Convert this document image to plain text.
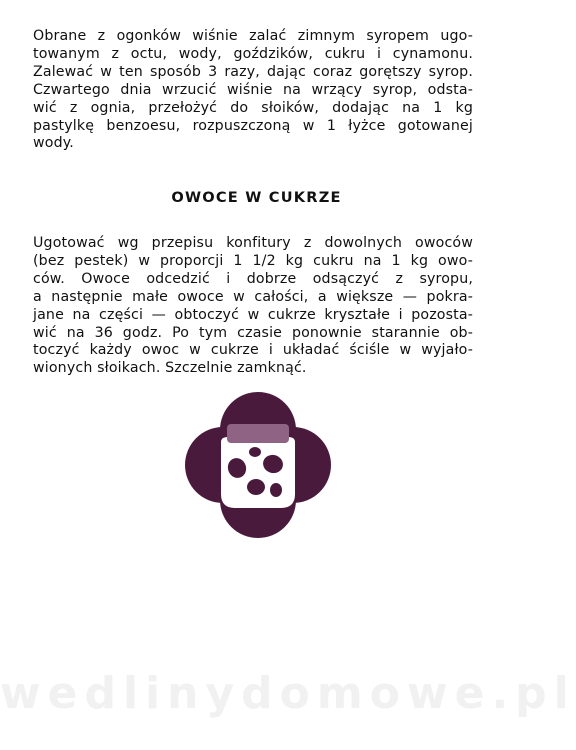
Obrane z ogonków wiśnie zalać zimnym syropem ugo-
towanym z octu, wody, goździków, cukru i cynamonu.
Zalewać w ten sposób 3 razy, dając coraz gorętszy syrop.
Czwartego dnia wrzucić wiśnie na wrzący syrop, odsta-
wić z ognia, przełożyć do słoików, dodając na 1 kg
pastylkę benzoesu, rozpuszczoną w 1 łyżce gotowanej
wody.

OWOCE W CUKRZE

Ugotować wg przepisu konfitury z dowolnych owoców
(bez pestek) w proporcji 1 1/2 kg cukru na 1 kg owo-
ców. Owoce odcedzić i dobrze odsączyć z syropu,
a następnie małe owoce w całości, a większe — pokra-
jane na części — obtoczyć w cukrze kryształe i pozosta-
wić na 36 godz. Po tym czasie ponownie starannie ob-
toczyć każdy owoc w cukrze i układać ściśle w wyjało-
wionych słoikach. Szczelnie zamknąć.

wedlinydomowe.pl
